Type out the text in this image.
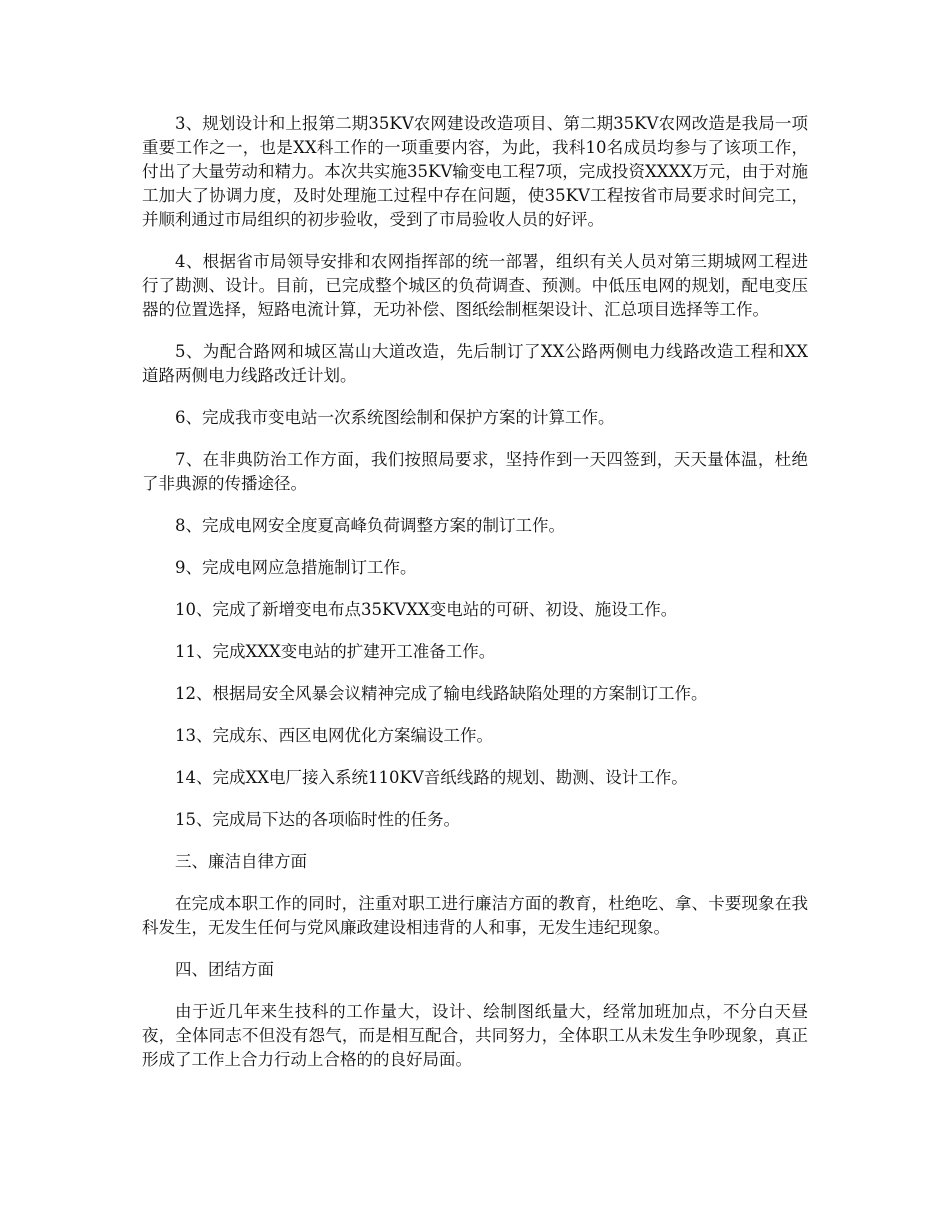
3、规划设计和上报第二期35KV农网建设改造项目、第二期35KV农网改造是我局一项重要工作之一，也是XX科工作的一项重要内容，为此，我科10名成员均参与了该项工作，付出了大量劳动和精力。本次共实施35KV输变电工程7项，完成投资XXXX万元，由于对施工加大了协调力度，及时处理施工过程中存在问题，使35KV工程按省市局要求时间完工，并顺利通过市局组织的初步验收，受到了市局验收人员的好评。

4、根据省市局领导安排和农网指挥部的统一部署，组织有关人员对第三期城网工程进行了勘测、设计。目前，已完成整个城区的负荷调查、预测。中低压电网的规划，配电变压器的位置选择，短路电流计算，无功补偿、图纸绘制框架设计、汇总项目选择等工作。

5、为配合路网和城区嵩山大道改造，先后制订了XX公路两侧电力线路改造工程和XX道路两侧电力线路改迁计划。

6、完成我市变电站一次系统图绘制和保护方案的计算工作。

7、在非典防治工作方面，我们按照局要求，坚持作到一天四签到，天天量体温，杜绝了非典源的传播途径。

8、完成电网安全度夏高峰负荷调整方案的制订工作。

9、完成电网应急措施制订工作。

10、完成了新增变电布点35KVXX变电站的可研、初设、施设工作。

11、完成XXX变电站的扩建开工准备工作。

12、根据局安全风暴会议精神完成了输电线路缺陷处理的方案制订工作。

13、完成东、西区电网优化方案编设工作。

14、完成XX电厂接入系统110KV音纸线路的规划、勘测、设计工作。

15、完成局下达的各项临时性的任务。

三、廉洁自律方面

在完成本职工作的同时，注重对职工进行廉洁方面的教育，杜绝吃、拿、卡要现象在我科发生，无发生任何与党风廉政建设相违背的人和事，无发生违纪现象。

四、团结方面

由于近几年来生技科的工作量大，设计、绘制图纸量大，经常加班加点，不分白天昼夜，全体同志不但没有怨气，而是相互配合，共同努力，全体职工从未发生争吵现象，真正形成了工作上合力行动上合格的的良好局面。
